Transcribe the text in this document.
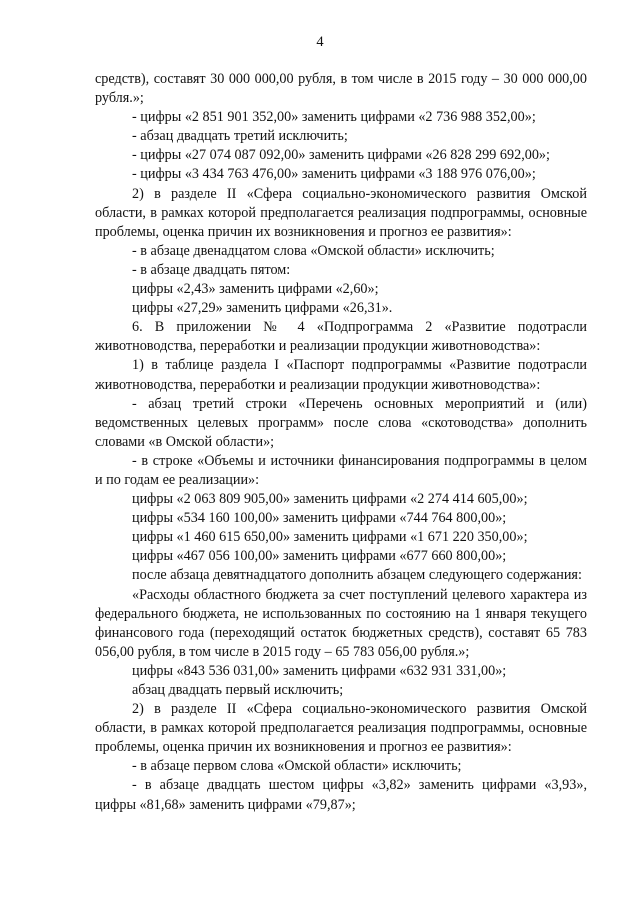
4

средств), составят 30 000 000,00 рубля, в том числе в 2015 году – 30 000 000,00 рубля.»;

- цифры «2 851 901 352,00» заменить цифрами «2 736 988 352,00»;

- абзац двадцать третий исключить;

- цифры «27 074 087 092,00» заменить цифрами «26 828 299 692,00»;

- цифры «3 434 763 476,00» заменить цифрами «3 188 976 076,00»;

2) в разделе II «Сфера социально-экономического развития Омской области, в рамках которой предполагается реализация подпрограммы, основные проблемы, оценка причин их возникновения и прогноз ее развития»:

- в абзаце двенадцатом слова «Омской области» исключить;

- в абзаце двадцать пятом:

цифры «2,43» заменить цифрами «2,60»;

цифры «27,29» заменить цифрами «26,31».

6. В приложении № 4 «Подпрограмма 2 «Развитие подотрасли животноводства, переработки и реализации продукции животноводства»:

1) в таблице раздела I «Паспорт подпрограммы «Развитие подотрасли животноводства, переработки и реализации продукции животноводства»:

- абзац третий строки «Перечень основных мероприятий и (или) ведомственных целевых программ» после слова «скотоводства» дополнить словами «в Омской области»;

- в строке «Объемы и источники финансирования подпрограммы в целом и по годам ее реализации»:

цифры «2 063 809 905,00» заменить цифрами «2 274 414 605,00»;

цифры «534 160 100,00» заменить цифрами «744 764 800,00»;

цифры «1 460 615 650,00» заменить цифрами «1 671 220 350,00»;

цифры «467 056 100,00» заменить цифрами «677 660 800,00»;

после абзаца девятнадцатого дополнить абзацем следующего содержания:

«Расходы областного бюджета за счет поступлений целевого характера из федерального бюджета, не использованных по состоянию на 1 января текущего финансового года (переходящий остаток бюджетных средств), составят 65 783 056,00 рубля, в том числе в 2015 году – 65 783 056,00 рубля.»;

цифры «843 536 031,00» заменить цифрами «632 931 331,00»;

абзац двадцать первый исключить;

2) в разделе II «Сфера социально-экономического развития Омской области, в рамках которой предполагается реализация подпрограммы, основные проблемы, оценка причин их возникновения и прогноз ее развития»:

- в абзаце первом слова «Омской области» исключить;

- в абзаце двадцать шестом цифры «3,82» заменить цифрами «3,93», цифры «81,68» заменить цифрами «79,87»;
